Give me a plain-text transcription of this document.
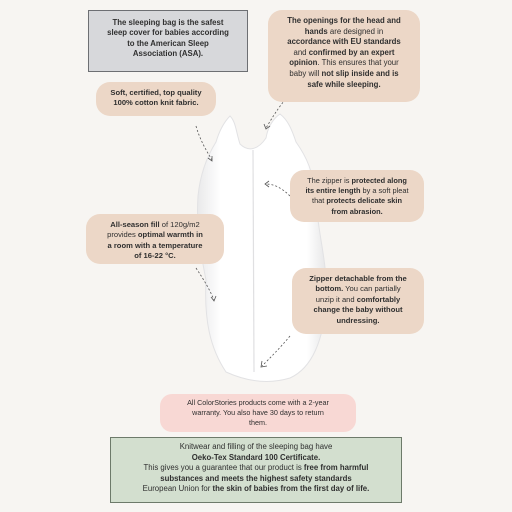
The sleeping bag is the safest
sleep cover for babies according
to the American Sleep
Association (ASA).
The openings for the head and
hands are designed in
accordance with EU standards
and confirmed by an expert
opinion. This ensures that your
baby will not slip inside and is
safe while sleeping.
Soft, certified, top quality
100% cotton knit fabric.
The zipper is protected along
its entire length by a soft pleat
that protects delicate skin
from abrasion.
All-season fill of 120g/m2
provides optimal warmth in
a room with a temperature
of 16-22 °C.
Zipper detachable from the
bottom. You can partially
unzip it and comfortably
change the baby without
undressing.
All ColorStories products come with a 2-year
warranty. You also have 30 days to return
them.
Knitwear and filling of the sleeping bag have
Oeko-Tex Standard 100 Certificate.
This gives you a guarantee that our product is free from harmful
substances and meets the highest safety standards
European Union for the skin of babies from the first day of life.
